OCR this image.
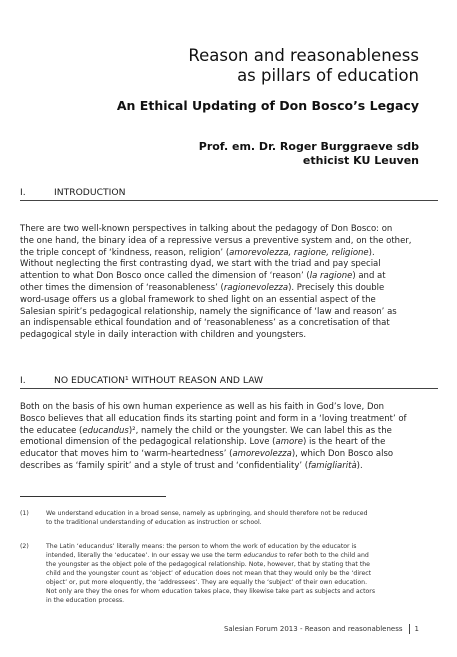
Reason and reasonableness
as pillars of education
An Ethical Updating of Don Bosco’s Legacy
Prof. em. Dr. Roger Burggraeve sdb
ethicist KU Leuven
I.	INTRODUCTION
There are two well-known perspectives in talking about the pedagogy of Don Bosco: on
the one hand, the binary idea of a repressive versus a preventive system and, on the other,
the triple concept of ‘kindness, reason, religion’ (amorevolezza, ragione, religione).
Without neglecting the first contrasting dyad, we start with the triad and pay special
attention to what Don Bosco once called the dimension of ‘reason’ (la ragione) and at
other times the dimension of ‘reasonableness’ (ragionevolezza). Precisely this double
word-usage offers us a global framework to shed light on an essential aspect of the
Salesian spirit’s pedagogical relationship, namely the significance of ‘law and reason’ as
an indispensable ethical foundation and of ‘reasonableness’ as a concretisation of that
pedagogical style in daily interaction with children and youngsters.
I.	NO EDUCATION¹ WITHOUT REASON AND LAW
Both on the basis of his own human experience as well as his faith in God’s love, Don
Bosco believes that all education finds its starting point and form in a ‘loving treatment’ of
the educatee (educandus)², namely the child or the youngster. We can label this as the
emotional dimension of the pedagogical relationship. Love (amore) is the heart of the
educator that moves him to ‘warm-heartedness’ (amorevolezza), which Don Bosco also
describes as ‘family spirit’ and a style of trust and ‘confidentiality’ (famigliarità).
(1)	We understand education in a broad sense, namely as upbringing, and should therefore not be reduced
to the traditional understanding of education as instruction or school.
(2)	The Latin ‘educandus’ literally means: the person to whom the work of education by the educator is
intended, literally the ‘educatee’. In our essay we use the term educandus to refer both to the child and
the youngster as the object pole of the pedagogical relationship. Note, however, that by stating that the
child and the youngster count as ‘object’ of education does not mean that they would only be the ‘direct
object’ or, put more eloquently, the ‘addressees’. They are equally the ‘subject’ of their own education.
Not only are they the ones for whom education takes place, they likewise take part as subjects and actors
in the education process.
Salesian Forum 2013 - Reason and reasonableness 1
